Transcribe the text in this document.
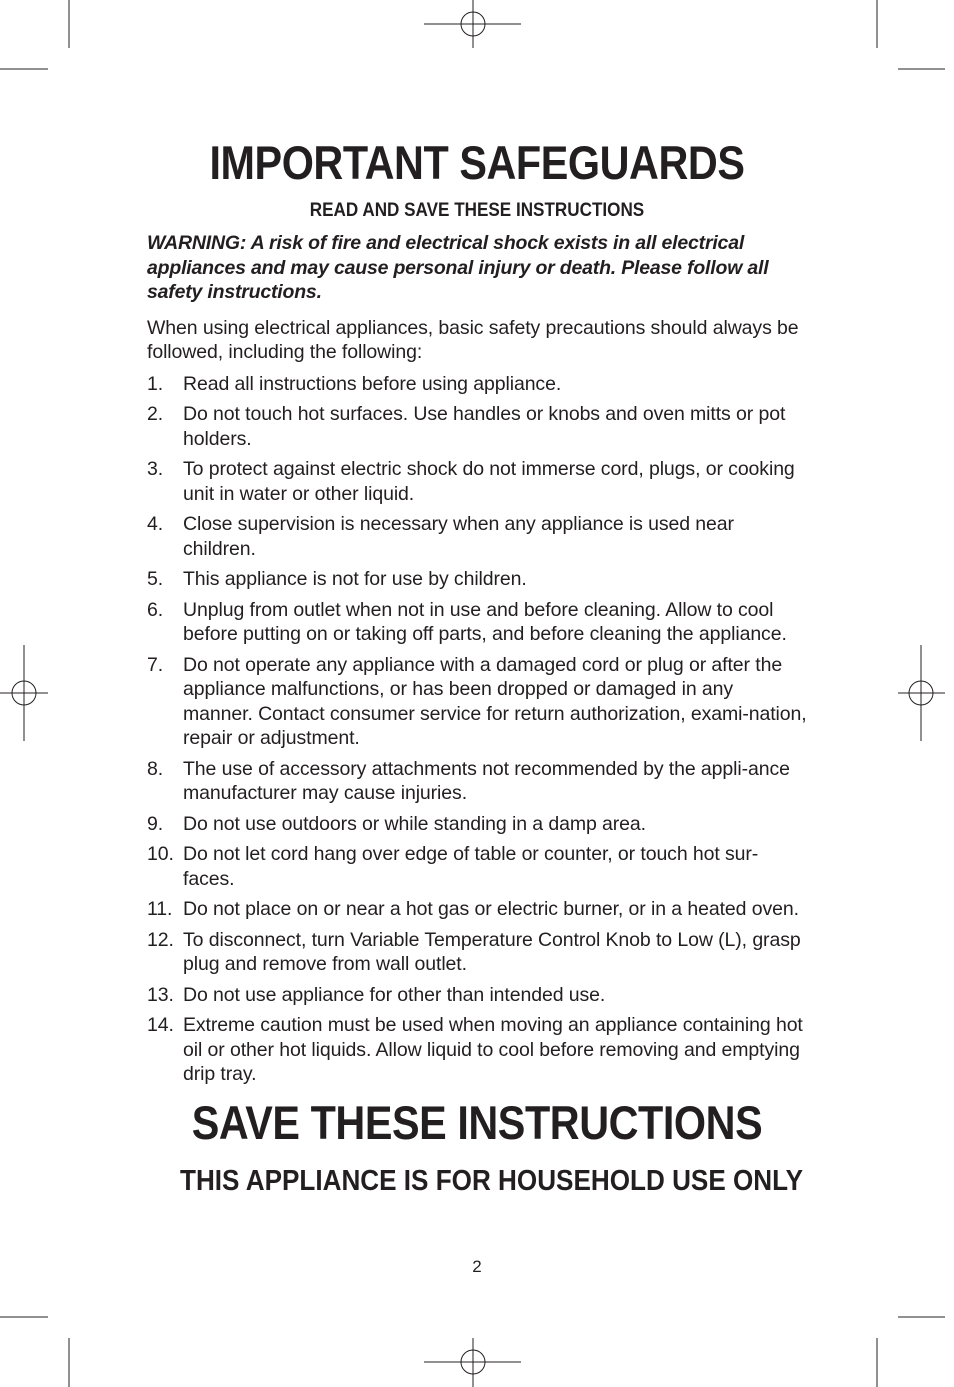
IMPORTANT SAFEGUARDS
READ AND SAVE THESE INSTRUCTIONS

WARNING: A risk of fire and electrical shock exists in all electrical appliances and may cause personal injury or death. Please follow all safety instructions.

When using electrical appliances, basic safety precautions should always be followed, including the following:

1.	Read all instructions before using appliance.
2.	Do not touch hot surfaces. Use handles or knobs and oven mitts or pot holders.
3.	To protect against electric shock do not immerse cord, plugs, or cooking unit in water or other liquid.
4.	Close supervision is necessary when any appliance is used near children.
5.	This appliance is not for use by children.
6.	Unplug from outlet when not in use and before cleaning. Allow to cool before putting on or taking off parts, and before cleaning the appliance.
7.	Do not operate any appliance with a damaged cord or plug or after the appliance malfunctions, or has been dropped or damaged in any manner. Contact consumer service for return authorization, exami-nation, repair or adjustment.
8.	The use of accessory attachments not recommended by the appli-ance manufacturer may cause injuries.
9.	Do not use outdoors or while standing in a damp area.
10. Do not let cord hang over edge of table or counter, or touch hot sur-faces.
11. Do not place on or near a hot gas or electric burner, or in a heated oven.
12. To disconnect, turn Variable Temperature Control Knob to Low (L), grasp plug and remove from wall outlet.
13. Do not use appliance for other than intended use.
14. Extreme caution must be used when moving an appliance containing hot oil or other hot liquids. Allow liquid to cool before removing and emptying drip tray.
SAVE THESE INSTRUCTIONS
THIS APPLIANCE IS FOR HOUSEHOLD USE ONLY
2
